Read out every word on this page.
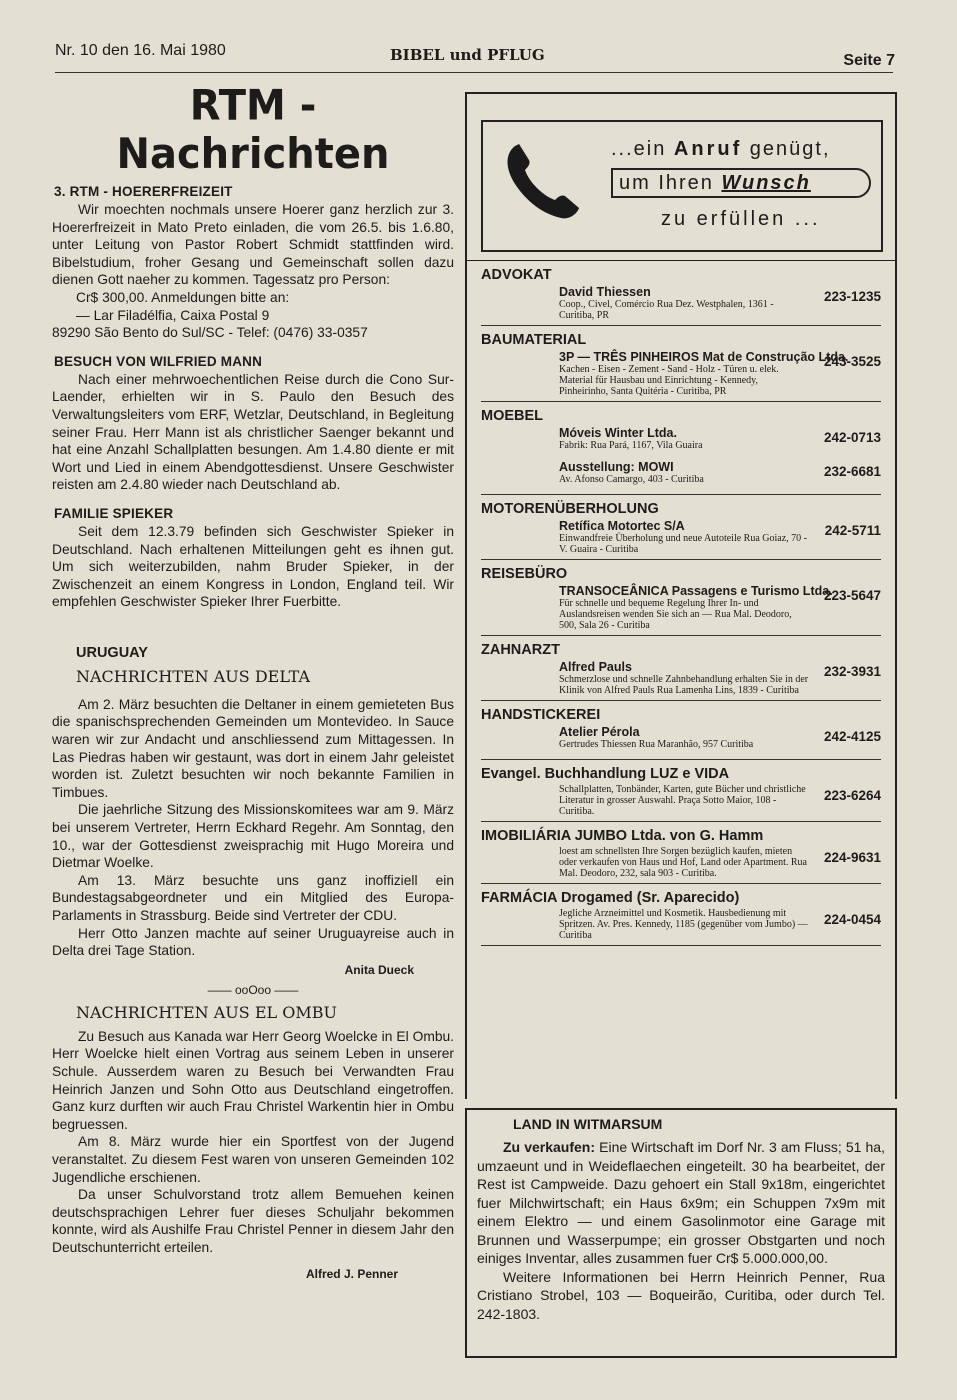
Nr. 10 den 16. Mai 1980	BIBEL und PFLUG	Seite 7
RTM - Nachrichten
3. RTM - HOERERFREIZEIT

Wir moechten nochmals unsere Hoerer ganz herzlich zur 3. Hoererfreizeit in Mato Preto einladen, die vom 26.5. bis 1.6.80, unter Leitung von Pastor Robert Schmidt stattfinden wird. Bibelstudium, froher Gesang und Gemeinschaft sollen dazu dienen Gott naeher zu kommen. Tagessatz pro Person:

Cr$ 300,00. Anmeldungen bitte an:

— Lar Filadélfia, Caixa Postal 9

89290 São Bento do Sul/SC - Telef: (0476) 33-0357

BESUCH VON WILFRIED MANN

Nach einer mehrwoechentlichen Reise durch die Cono Sur-Laender, erhielten wir in S. Paulo den Besuch des Verwaltungsleiters vom ERF, Wetzlar, Deutschland, in Begleitung seiner Frau. Herr Mann ist als christlicher Saenger bekannt und hat eine Anzahl Schallplatten besungen. Am 1.4.80 diente er mit Wort und Lied in einem Abendgottesdienst. Unsere Geschwister reisten am 2.4.80 wieder nach Deutschland ab.

FAMILIE SPIEKER

Seit dem 12.3.79 befinden sich Geschwister Spieker in Deutschland. Nach erhaltenen Mitteilungen geht es ihnen gut. Um sich weiterzubilden, nahm Bruder Spieker, in der Zwischenzeit an einem Kongress in London, England teil. Wir empfehlen Geschwister Spieker Ihrer Fuerbitte.

URUGUAY
NACHRICHTEN AUS DELTA

Am 2. März besuchten die Deltaner in einem gemieteten Bus die spanischsprechenden Gemeinden um Montevideo. In Sauce waren wir zur Andacht und anschliessend zum Mittagessen. In Las Piedras haben wir gestaunt, was dort in einem Jahr geleistet worden ist. Zuletzt besuchten wir noch bekannte Familien in Timbues.

Die jaehrliche Sitzung des Missionskomitees war am 9. März bei unserem Vertreter, Herrn Eckhard Regehr. Am Sonntag, den 10., war der Gottesdienst zweisprachig mit Hugo Moreira und Dietmar Woelke.

Am 13. März besuchte uns ganz inoffiziell ein Bundestagsabgeordneter und ein Mitglied des Europa-Parlaments in Strassburg. Beide sind Vertreter der CDU.

Herr Otto Janzen machte auf seiner Uruguayreise auch in Delta drei Tage Station.

Anita Dueck
—— ooOoo ——
NACHRICHTEN AUS EL OMBU

Zu Besuch aus Kanada war Herr Georg Woelcke in El Ombu. Herr Woelcke hielt einen Vortrag aus seinem Leben in unserer Schule. Ausserdem waren zu Besuch bei Verwandten Frau Heinrich Janzen und Sohn Otto aus Deutschland eingetroffen. Ganz kurz durften wir auch Frau Christel Warkentin hier in Ombu begruessen.

Am 8. März wurde hier ein Sportfest von der Jugend veranstaltet. Zu diesem Fest waren von unseren Gemeinden 102 Jugendliche erschienen.

Da unser Schulvorstand trotz allem Bemuehen keinen deutschsprachigen Lehrer fuer dieses Schuljahr bekommen konnte, wird als Aushilfe Frau Christel Penner in diesem Jahr den Deutschunterricht erteilen.

Alfred J. Penner
...ein Anruf genügt,
um Ihren Wunsch
zu erfüllen ...
ADVOKAT
David Thiessen
Coop., Civel, Comércio Rua Dez. Westphalen, 1361 - Curitiba, PR
223-1235
BAUMATERIAL
3P — TRÊS PINHEIROS Mat de Construção Ltda.
Kachen - Eisen - Zement - Sand - Holz - Türen u. elek. Material für Hausbau und Einrichtung - Kennedy, Pinheirinho, Santa Quitéria - Curitiba, PR
243-3525
MOEBEL
Móveis Winter Ltda.
Fabrik: Rua Pará, 1167, Vila Guaira
242-0713
Ausstellung: MOWI
Av. Afonso Camargo, 403 - Curitiba
232-6681
MOTORENÜBERHOLUNG
Retífica Motortec S/A
Einwandfreie Überholung und neue Autoteile Rua Goiaz, 70 - V. Guaira - Curitiba
242-5711
REISEBÜRO
TRANSOCEÂNICA Passagens e Turismo Ltda.
Für schnelle und bequeme Regelung Ihrer In- und Auslandsreisen wenden Sie sich an — Rua Mal. Deodoro, 500, Sala 26 - Curitiba
223-5647
ZAHNARZT
Alfred Pauls
Schmerzlose und schnelle Zahnbehandlung erhalten Sie in der Klinik von Alfred Pauls Rua Lamenha Lins, 1839 - Curitiba
232-3931
HANDSTICKEREI
Atelier Pérola
Gertrudes Thiessen Rua Maranhão, 957 Curitiba
242-4125
Evangel. Buchhandlung LUZ e VIDA
Schallplatten, Tonbänder, Karten, gute Bücher und christliche Literatur in grosser Auswahl. Praça Sotto Maior, 108 - Curitiba.
223-6264
IMOBILIÁRIA JUMBO Ltda. von G. Hamm
loest am schnellsten Ihre Sorgen bezüglich kaufen, mieten oder verkaufen von Haus und Hof, Land oder Apartment. Rua Mal. Deodoro, 232, sala 903 - Curitiba.
224-9631
FARMÁCIA Drogamed (Sr. Aparecido)
Jegliche Arzneimittel und Kosmetik. Hausbedienung mit Spritzen. Av. Pres. Kennedy, 1185 (gegenüber vom Jumbo) — Curitiba
224-0454
LAND IN WITMARSUM

Zu verkaufen: Eine Wirtschaft im Dorf Nr. 3 am Fluss; 51 ha, umzaeunt und in Weideflaechen eingeteilt. 30 ha bearbeitet, der Rest ist Campweide. Dazu gehoert ein Stall 9x18m, eingerichtet fuer Milchwirtschaft; ein Haus 6x9m; ein Schuppen 7x9m mit einem Elektro — und einem Gasolinmotor eine Garage mit Brunnen und Wasserpumpe; ein grosser Obstgarten und noch einiges Inventar, alles zusammen fuer Cr$ 5.000.000,00.

Weitere Informationen bei Herrn Heinrich Penner, Rua Cristiano Strobel, 103 — Boqueirão, Curitiba, oder durch Tel. 242-1803.
